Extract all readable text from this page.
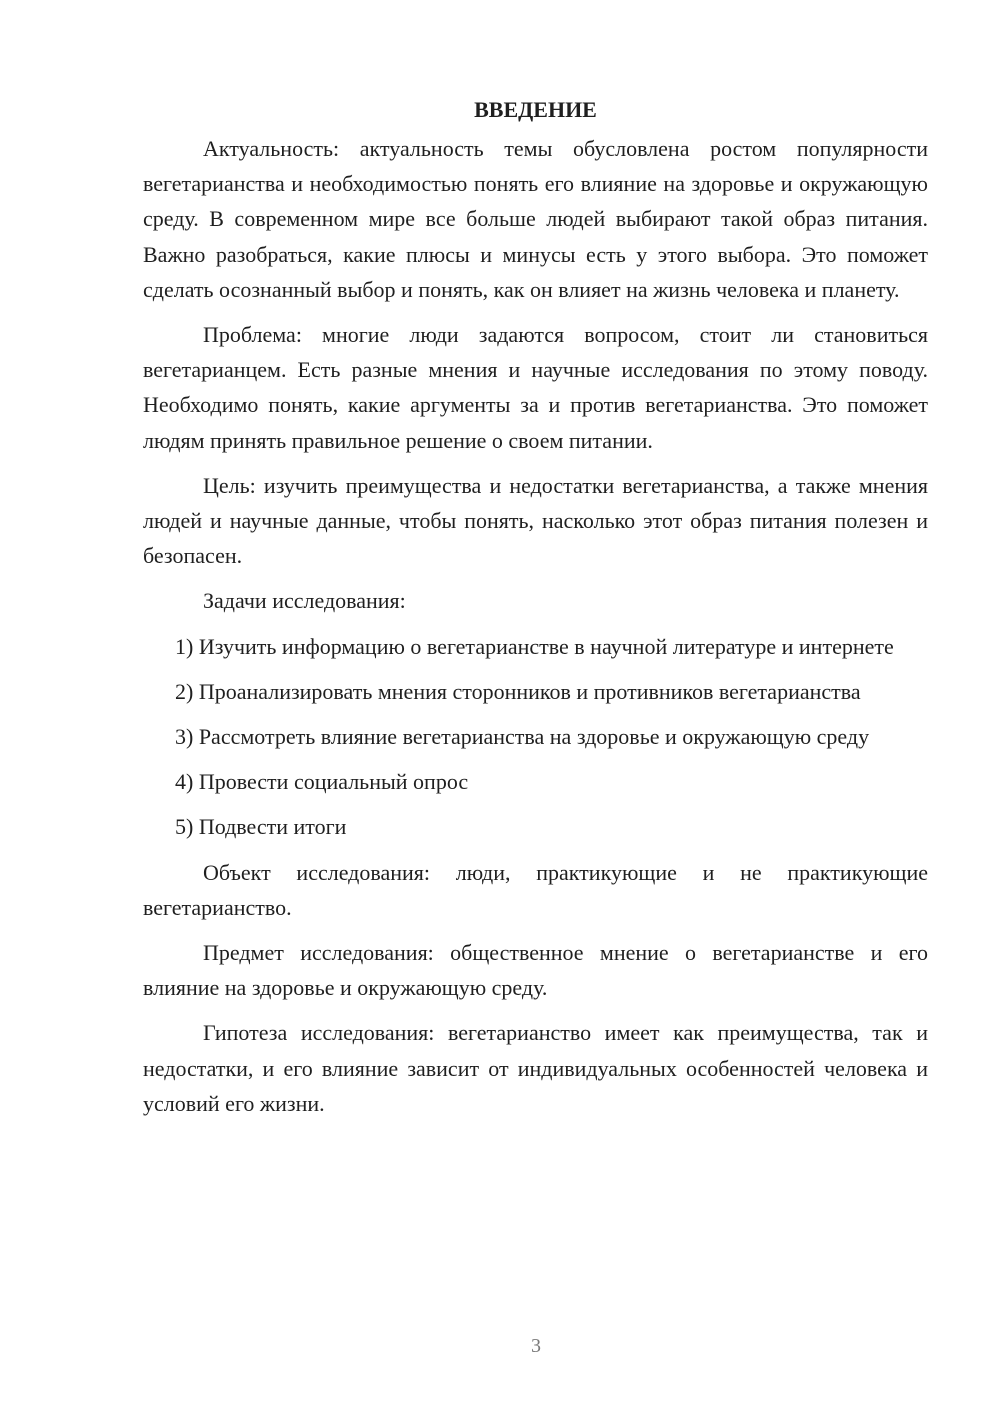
ВВЕДЕНИЕ

Актуальность: актуальность темы обусловлена ростом популярности вегетарианства и необходимостью понять его влияние на здоровье и окружающую среду. В современном мире все больше людей выбирают такой образ питания. Важно разобраться, какие плюсы и минусы есть у этого выбора. Это поможет сделать осознанный выбор и понять, как он влияет на жизнь человека и планету.

Проблема: многие люди задаются вопросом, стоит ли становиться вегетарианцем. Есть разные мнения и научные исследования по этому поводу. Необходимо понять, какие аргументы за и против вегетарианства. Это поможет людям принять правильное решение о своем питании.

Цель: изучить преимущества и недостатки вегетарианства, а также мнения людей и научные данные, чтобы понять, насколько этот образ питания полезен и безопасен.

Задачи исследования:

1) Изучить информацию о вегетарианстве в научной литературе и интернете

2) Проанализировать мнения сторонников и противников вегетарианства

3) Рассмотреть влияние вегетарианства на здоровье и окружающую среду

4) Провести социальный опрос

5) Подвести итоги

Объект исследования: люди, практикующие и не практикующие вегетарианство.

Предмет исследования: общественное мнение о вегетарианстве и его влияние на здоровье и окружающую среду.

Гипотеза исследования: вегетарианство имеет как преимущества, так и недостатки, и его влияние зависит от индивидуальных особенностей человека и условий его жизни.

3
